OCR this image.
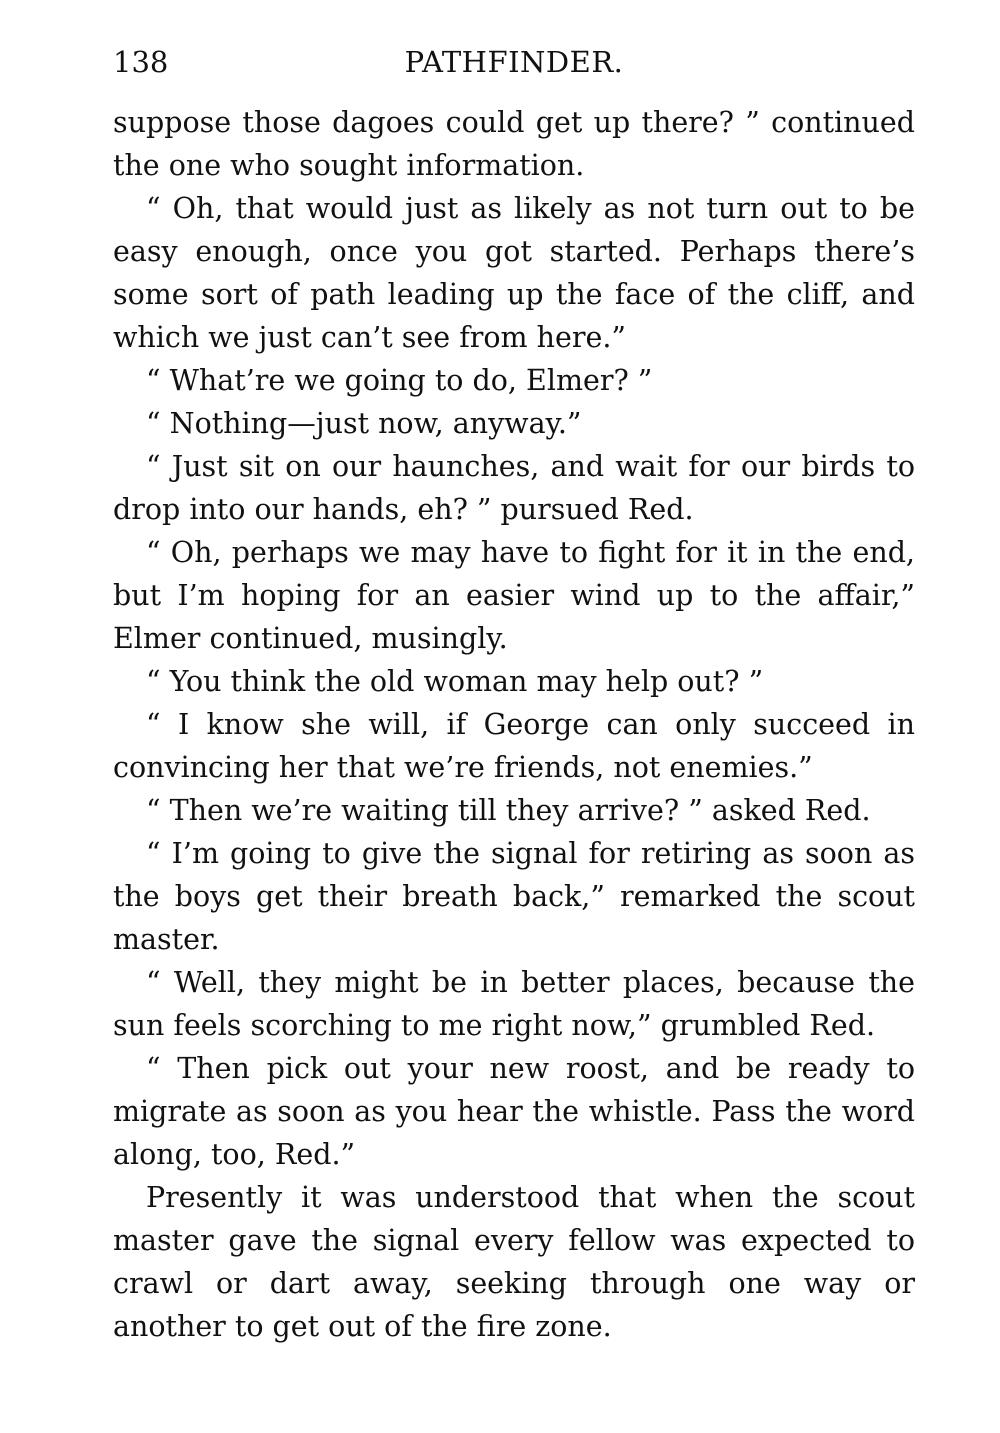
138	PATHFINDER.

suppose those dagoes could get up there? ” continued the one who sought information.

“ Oh, that would just as likely as not turn out to be easy enough, once you got started. Perhaps there’s some sort of path leading up the face of the cliff, and which we just can’t see from here.”

“ What’re we going to do, Elmer? ”

“ Nothing—just now, anyway.”

“ Just sit on our haunches, and wait for our birds to drop into our hands, eh? ” pursued Red.

“ Oh, perhaps we may have to fight for it in the end, but I’m hoping for an easier wind up to the affair,” Elmer continued, musingly.

“ You think the old woman may help out? ”

“ I know she will, if George can only succeed in convincing her that we’re friends, not enemies.”

“ Then we’re waiting till they arrive? ” asked Red.

“ I’m going to give the signal for retiring as soon as the boys get their breath back,” remarked the scout master.

“ Well, they might be in better places, because the sun feels scorching to me right now,” grumbled Red.

“ Then pick out your new roost, and be ready to migrate as soon as you hear the whistle. Pass the word along, too, Red.”

Presently it was understood that when the scout master gave the signal every fellow was expected to crawl or dart away, seeking through one way or another to get out of the fire zone.
